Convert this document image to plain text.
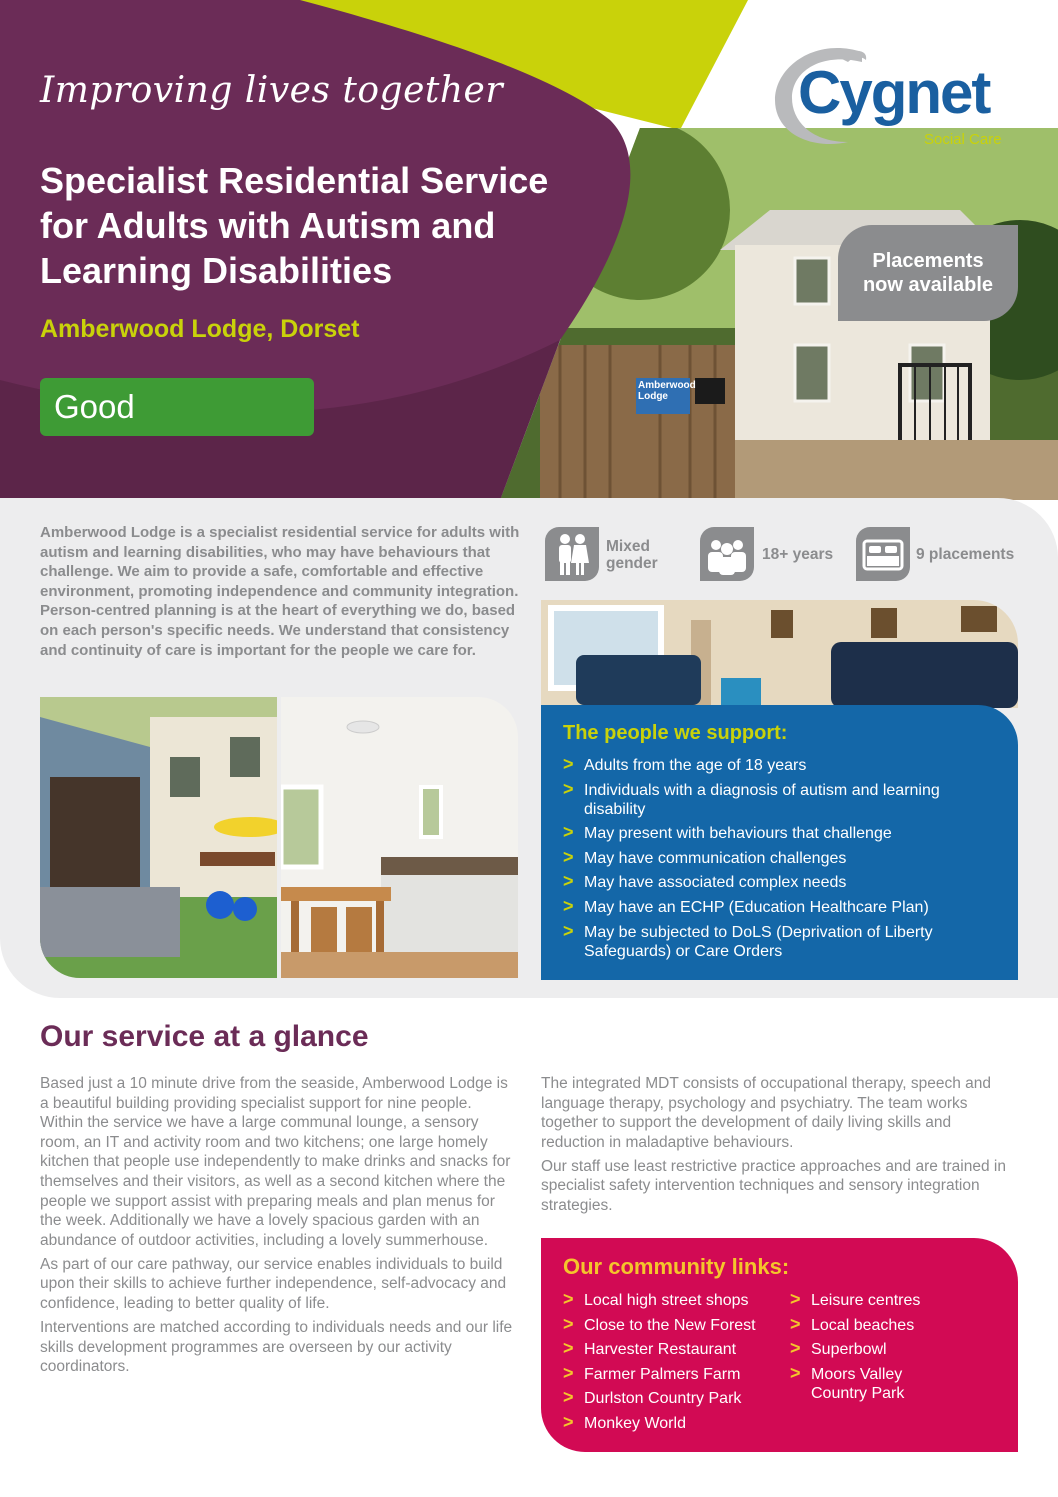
Amberwood
Lodge
Improving lives together
Specialist Residential Service for Adults with Autism and Learning Disabilities
Amberwood Lodge, Dorset
Good
Placements now available
Cygnet
Social Care
Amberwood Lodge is a specialist residential service for adults with autism and learning disabilities, who may have behaviours that challenge. We aim to provide a safe, comfortable and effective environment, promoting independence and community integration. Person-centred planning is at the heart of everything we do, based on each person's specific needs. We understand that consistency and continuity of care is important for the people we care for.
Mixed
gender
18+ years	9 placements
The people we support:
> Adults from the age of 18 years
> Individuals with a diagnosis of autism and learning disability
> May present with behaviours that challenge
> May have communication challenges
> May have associated complex needs
> May have an ECHP (Education Healthcare Plan)
> May be subjected to DoLS (Deprivation of Liberty Safeguards) or Care Orders
Our service at a glance

Based just a 10 minute drive from the seaside, Amberwood Lodge is a beautiful building providing specialist support for nine people. Within the service we have a large communal lounge, a sensory room, an IT and activity room and two kitchens; one large homely kitchen that people use independently to make drinks and snacks for themselves and their visitors, as well as a second kitchen where the people we support assist with preparing meals and plan menus for the week. Additionally we have a lovely spacious garden with an abundance of outdoor activities, including a lovely summerhouse.

As part of our care pathway, our service enables individuals to build upon their skills to achieve further independence, self-advocacy and confidence, leading to better quality of life.

Interventions are matched according to individuals needs and our life skills development programmes are overseen by our activity coordinators.

The integrated MDT consists of occupational therapy, speech and language therapy, psychology and psychiatry. The team works together to support the development of daily living skills and reduction in maladaptive behaviours.

Our staff use least restrictive practice approaches and are trained in specialist safety intervention techniques and sensory integration strategies.

Our community links:
> Local high street shops
> Close to the New Forest
> Harvester Restaurant
> Farmer Palmers Farm
> Durlston Country Park
> Monkey World
> Leisure centres
> Local beaches
> Superbowl
> Moors Valley Country Park
